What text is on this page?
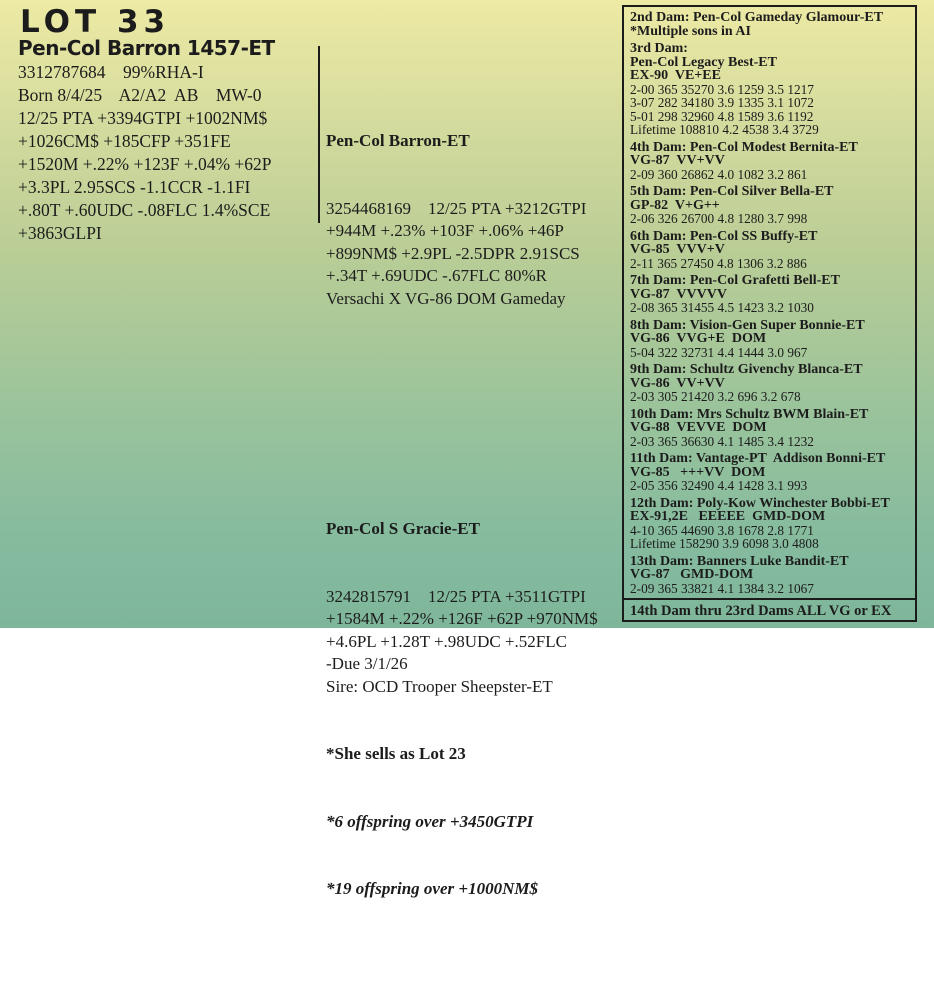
LOT 33
Pen-Col Barron 1457-ET
3312787684    99%RHA-I
Born 8/4/25    A2/A2  AB    MW-0
12/25 PTA +3394GTPI +1002NM$
+1026CM$ +185CFP +351FE
+1520M +.22% +123F +.04% +62P
+3.3PL 2.95SCS -1.1CCR -1.1FI
+.80T +.60UDC -.08FLC 1.4%SCE
+3863GLPI

Pen-Col Barron-ET

3254468169    12/25 PTA +3212GTPI
+944M +.23% +103F +.06% +46P
+899NM$ +2.9PL -2.5DPR 2.91SCS
+.34T +.69UDC -.67FLC 80%R
Versachi X VG-86 DOM Gameday

Pen-Col S Gracie-ET

3242815791    12/25 PTA +3511GTPI
+1584M +.22% +126F +62P +970NM$
+4.6PL +1.28T +.98UDC +.52FLC
-Due 3/1/26
Sire: OCD Trooper Sheepster-ET

*She sells as Lot 23

*6 offspring over +3450GTPI

*19 offspring over +1000NM$

2nd Dam: Pen-Col Gameday Glamour-ET
*Multiple sons in AI
3rd Dam:
Pen-Col Legacy Best-ET
EX-90  VE+EE
2-00 365 35270 3.6 1259 3.5 1217
3-07 282 34180 3.9 1335 3.1 1072
5-01 298 32960 4.8 1589 3.6 1192
Lifetime 108810 4.2 4538 3.4 3729
4th Dam: Pen-Col Modest Bernita-ET
VG-87  VV+VV
2-09 360 26862 4.0 1082 3.2 861
5th Dam: Pen-Col Silver Bella-ET
GP-82  V+G++
2-06 326 26700 4.8 1280 3.7 998
6th Dam: Pen-Col SS Buffy-ET
VG-85  VVV+V
2-11 365 27450 4.8 1306 3.2 886
7th Dam: Pen-Col Grafetti Bell-ET
VG-87  VVVVV
2-08 365 31455 4.5 1423 3.2 1030
8th Dam: Vision-Gen Super Bonnie-ET
VG-86  VVG+E  DOM
5-04 322 32731 4.4 1444 3.0 967
9th Dam: Schultz Givenchy Blanca-ET
VG-86  VV+VV
2-03 305 21420 3.2 696 3.2 678
10th Dam: Mrs Schultz BWM Blain-ET
VG-88  VEVVE  DOM
2-03 365 36630 4.1 1485 3.4 1232
11th Dam: Vantage-PT  Addison Bonni-ET
VG-85   +++VV  DOM
2-05 356 32490 4.4 1428 3.1 993
12th Dam: Poly-Kow Winchester Bobbi-ET
EX-91,2E   EEEEE  GMD-DOM
4-10 365 44690 3.8 1678 2.8 1771
Lifetime 158290 3.9 6098 3.0 4808
13th Dam: Banners Luke Bandit-ET
VG-87   GMD-DOM
2-09 365 33821 4.1 1384 3.2 1067
14th Dam thru 23rd Dams ALL VG or EX
